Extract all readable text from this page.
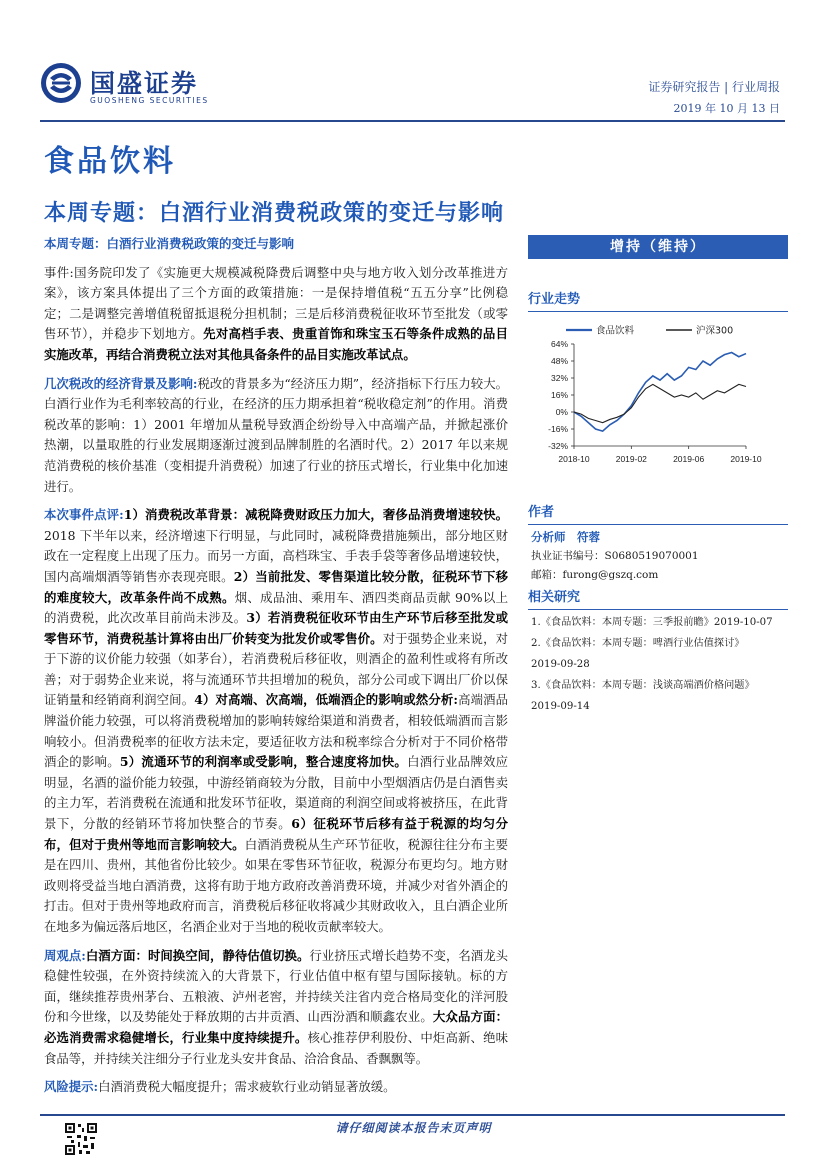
国盛证券
GUOSHENG SECURITIES
证券研究报告 | 行业周报
2019 年 10 月 13 日
食品饮料
本周专题：白酒行业消费税政策的变迁与影响

本周专题：白酒行业消费税政策的变迁与影响

事件:国务院印发了《实施更大规模减税降费后调整中央与地方收入划分改革推进方案》，该方案具体提出了三个方面的政策措施：一是保持增值税“五五分享”比例稳定；二是调整完善增值税留抵退税分担机制；三是后移消费税征收环节至批发（或零售环节），并稳步下划地方。先对高档手表、贵重首饰和珠宝玉石等条件成熟的品目实施改革，再结合消费税立法对其他具备条件的品目实施改革试点。

几次税改的经济背景及影响:税改的背景多为“经济压力期”，经济指标下行压力较大。白酒行业作为毛利率较高的行业，在经济的压力期承担着“税收稳定剂”的作用。消费税改革的影响：1）2001 年增加从量税导致酒企纷纷导入中高端产品，并掀起涨价热潮，以量取胜的行业发展期逐渐过渡到品牌制胜的名酒时代。2）2017 年以来规范消费税的核价基准（变相提升消费税）加速了行业的挤压式增长，行业集中化加速进行。

本次事件点评:1）消费税改革背景：减税降费财政压力加大，奢侈品消费增速较快。2018 下半年以来，经济增速下行明显，与此同时，减税降费措施频出，部分地区财政在一定程度上出现了压力。而另一方面，高档珠宝、手表手袋等奢侈品增速较快，国内高端烟酒等销售亦表现亮眼。2）当前批发、零售渠道比较分散，征税环节下移的难度较大，改革条件尚不成熟。烟、成品油、乘用车、酒四类商品贡献 90%以上的消费税，此次改革目前尚未涉及。3）若消费税征收环节由生产环节后移至批发或零售环节，消费税基计算将由出厂价转变为批发价或零售价。对于强势企业来说，对于下游的议价能力较强（如茅台），若消费税后移征收，则酒企的盈利性或将有所改善；对于弱势企业来说，将与流通环节共担增加的税负，部分公司或下调出厂价以保证销量和经销商利润空间。4）对高端、次高端，低端酒企的影响或然分析:高端酒品牌溢价能力较强，可以将消费税增加的影响转嫁给渠道和消费者，相较低端酒而言影响较小。但消费税率的征收方法未定，要适征收方法和税率综合分析对于不同价格带酒企的影响。5）流通环节的利润率或受影响，整合速度将加快。白酒行业品牌效应明显，名酒的溢价能力较强，中游经销商较为分散，目前中小型烟酒店仍是白酒售卖的主力军，若消费税在流通和批发环节征收，渠道商的利润空间或将被挤压，在此背景下，分散的经销环节将加快整合的节奏。6）征税环节后移有益于税源的均匀分布，但对于贵州等地而言影响较大。白酒消费税从生产环节征收，税源往往分布主要是在四川、贵州，其他省份比较少。如果在零售环节征收，税源分布更均匀。地方财政则将受益当地白酒消费，这将有助于地方政府改善消费环境，并减少对省外酒企的打击。但对于贵州等地政府而言，消费税后移征收将减少其财政收入，且白酒企业所在地多为偏远落后地区，名酒企业对于当地的税收贡献率较大。

周观点:白酒方面：时间换空间，静待估值切换。行业挤压式增长趋势不变，名酒龙头稳健性较强，在外资持续流入的大背景下，行业估值中枢有望与国际接轨。标的方面，继续推荐贵州茅台、五粮液、泸州老窖，并持续关注省内竞合格局变化的洋河股份和今世缘，以及势能处于释放期的古井贡酒、山西汾酒和顺鑫农业。大众品方面：必选消费需求稳健增长，行业集中度持续提升。核心推荐伊利股份、中炬高新、绝味食品等，并持续关注细分子行业龙头安井食品、洽洽食品、香飘飘等。

风险提示:白酒消费税大幅度提升；需求疲软行业动销显著放缓。

增持（维持）
行业走势
食品饮料	沪深300
64%
48%
32%
16%
0%
-16%
-32%
2018-10	2019-02	2019-06	2019-10
作者
分析师　符蓉
执业证书编号：S0680519070001
邮箱：furong@gszq.com
相关研究
1.《食品饮料：本周专题：三季报前瞻》2019-10-07
2.《食品饮料：本周专题：啤酒行业估值探讨》
2019-09-28
3.《食品饮料：本周专题：浅谈高端酒价格问题》
2019-09-14
请仔细阅读本报告末页声明
